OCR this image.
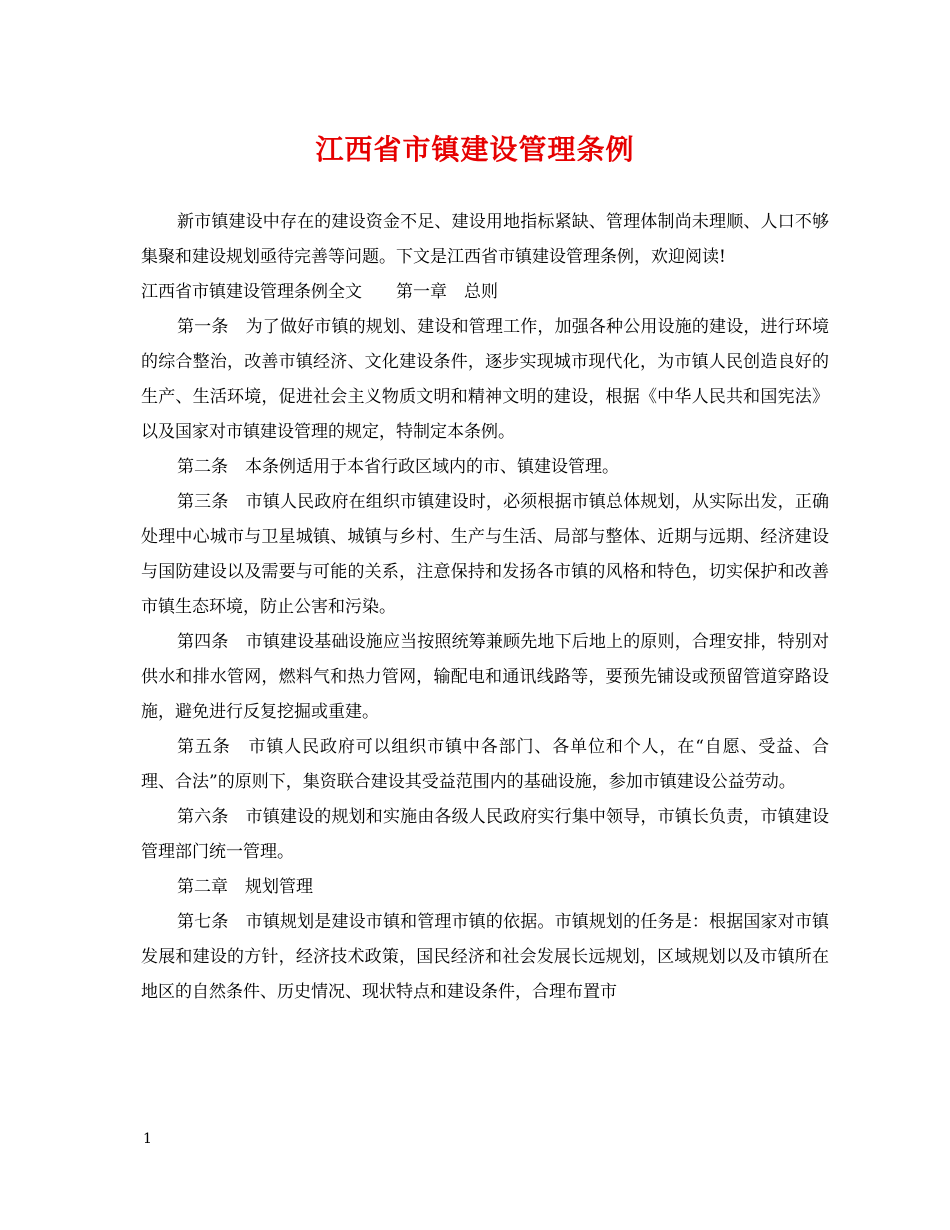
江西省市镇建设管理条例

新市镇建设中存在的建设资金不足、建设用地指标紧缺、管理体制尚未理顺、人口不够集聚和建设规划亟待完善等问题。下文是江西省市镇建设管理条例，欢迎阅读!

江西省市镇建设管理条例全文　　第一章　总则

第一条　为了做好市镇的规划、建设和管理工作，加强各种公用设施的建设，进行环境的综合整治，改善市镇经济、文化建设条件，逐步实现城市现代化，为市镇人民创造良好的生产、生活环境，促进社会主义物质文明和精神文明的建设，根据《中华人民共和国宪法》以及国家对市镇建设管理的规定，特制定本条例。

第二条　本条例适用于本省行政区域内的市、镇建设管理。

第三条　市镇人民政府在组织市镇建设时，必须根据市镇总体规划，从实际出发，正确处理中心城市与卫星城镇、城镇与乡村、生产与生活、局部与整体、近期与远期、经济建设与国防建设以及需要与可能的关系，注意保持和发扬各市镇的风格和特色，切实保护和改善市镇生态环境，防止公害和污染。

第四条　市镇建设基础设施应当按照统筹兼顾先地下后地上的原则，合理安排，特别对供水和排水管网，燃料气和热力管网，输配电和通讯线路等，要预先铺设或预留管道穿路设施，避免进行反复挖掘或重建。

第五条　市镇人民政府可以组织市镇中各部门、各单位和个人，在“自愿、受益、合理、合法”的原则下，集资联合建设其受益范围内的基础设施，参加市镇建设公益劳动。

第六条　市镇建设的规划和实施由各级人民政府实行集中领导，市镇长负责，市镇建设管理部门统一管理。

第二章　规划管理

第七条　市镇规划是建设市镇和管理市镇的依据。市镇规划的任务是：根据国家对市镇发展和建设的方针，经济技术政策，国民经济和社会发展长远规划，区域规划以及市镇所在地区的自然条件、历史情况、现状特点和建设条件，合理布置市

1
